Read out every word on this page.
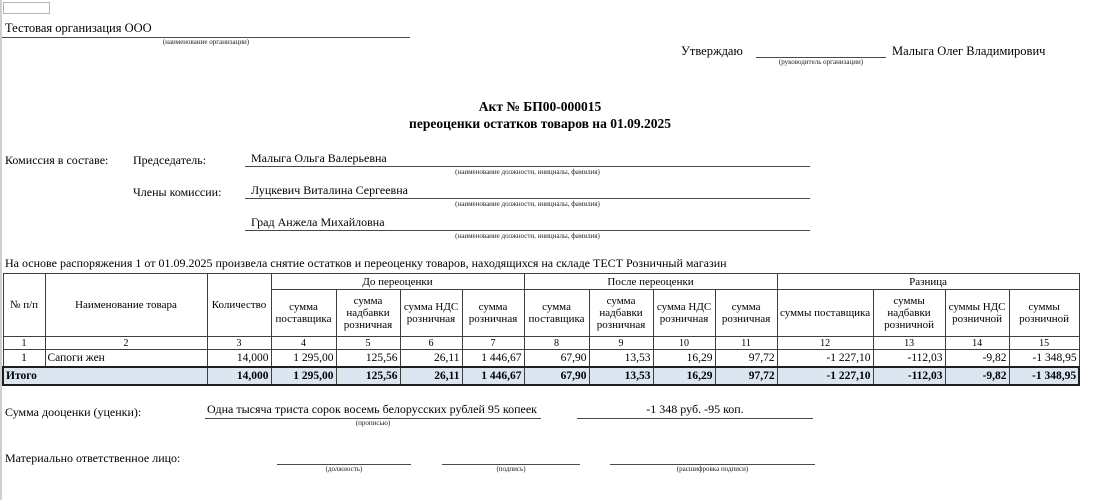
Тестовая организация ООО
(наименование организации)
Утверждаю
(руководитель организации)
Малыга Олег Владимирович
Акт № БП00-000015
переоценки остатков товаров на 01.09.2025
Комиссия в составе: Председатель:
Члены комиссии:
Малыга Ольга Валерьевна
(наименование должности, инициалы, фамилия)
Луцкевич Виталина Сергеевна
(наименование должности, инициалы, фамилия)
Град Анжела Михайловна
(наименование должности, инициалы, фамилия)
На основе распоряжения 1 от 01.09.2025 произвела снятие остатков и переоценку товаров, находящихся на складе ТЕСТ Розничный магазин
№ п/п	Наименование товара	Количество	До переоценки				После переоценки				Разница			
			сумма поставщика	сумма надбавки розничная	сумма НДС розничная	сумма розничная	сумма поставщика	сумма надбавки розничная	сумма НДС розничная	сумма розничная	суммы поставщика	суммы надбавки розничной	суммы НДС розничной	суммы розничной
1	2	3	4	5	6	7	8	9	10	11	12	13	14	15
1	Сапоги жен	14,000	1 295,00	125,56	26,11	1 446,67	67,90	13,53	16,29	97,72	-1 227,10	-112,03	-9,82	-1 348,95
Итого		14,000	1 295,00	125,56	26,11	1 446,67	67,90	13,53	16,29	97,72	-1 227,10	-112,03	-9,82	-1 348,95
Сумма дооценки (уценки):	Одна тысяча триста сорок восемь белорусских рублей 95 копеек
(прописью)
-1 348 руб. -95 коп.
Материально ответственное лицо:
(должность)	(подпись)	(расшифровка подписи)
